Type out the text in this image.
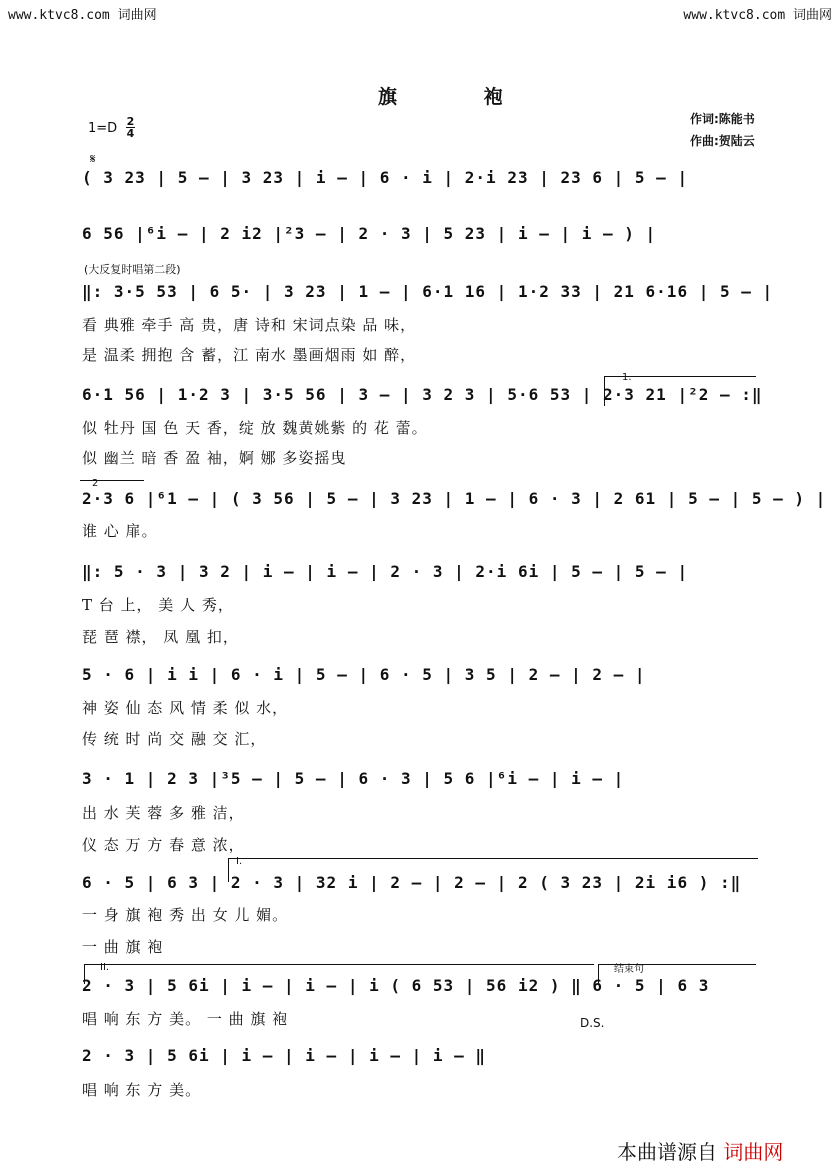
www.ktvc8.com 词曲网	www.ktvc8.com 词曲网
旗 袍
作词:陈能书
作曲:贺陆云
1=D 2
4
𝄋
( 3 23 | 5 — | 3 23 | i — | 6 · i | 2·i 23 | 23 6 | 5 — |
6 56 |⁶i — | 2 i2 |²3 — | 2 · 3 | 5 23 | i — | i — ) |
(大反复时唱第二段)
‖: 3·5 53 | 6 5· | 3 23 | 1 — | 6·1 16 | 1·2 33 | 21 6·16 | 5 — |
看 典雅 牵手 高 贵，唐 诗和 宋词点染 品 味，
是 温柔 拥抱 含 蓄，江 南水 墨画烟雨 如 醉，
1.
6·1 56 | 1·2 3 | 3·5 56 | 3 — | 3 2 3 | 5·6 53 | 2·3 21 |²2 — :‖
似 牡丹 国 色 天 香，绽 放 魏黄姚紫 的 花 蕾。
似 幽兰 暗 香 盈 袖，婀 娜 多姿摇曳
2
2·3 6 |⁶1 — | ( 3 56 | 5 — | 3 23 | 1 — | 6 · 3 | 2 61 | 5 — | 5 — ) |
谁 心 扉。
‖: 5 · 3 | 3 2 | i — | i — | 2 · 3 | 2·i 6i | 5 — | 5 — |
T 台 上， 美 人 秀，
琵 琶 襟， 凤 凰 扣，
5 · 6 | i i | 6 · i | 5 — | 6 · 5 | 3 5 | 2 — | 2 — |
神 姿 仙 态 风 情 柔 似 水，
传 统 时 尚 交 融 交 汇，
3 · 1 | 2 3 |³5 — | 5 — | 6 · 3 | 5 6 |⁶i — | i — |
出 水 芙 蓉 多 雅 洁，
仪 态 万 方 春 意 浓，
I.
6 · 5 | 6 3 | 2 · 3 | 32 i | 2 — | 2 — | 2 ( 3 23 | 2i i6 ) :‖
一 身 旗 袍 秀 出 女 儿 媚。
一 曲 旗 袍
II.	结束句
2 · 3 | 5 6i | i — | i — | i ( 6 53 | 56 i2 ) ‖ 6 · 5 | 6 3
唱 响 东 方 美。 一 曲 旗 袍	D.S.
2 · 3 | 5 6i | i — | i — | i — | i — ‖
唱 响 东 方 美。
本曲谱源自 词曲网
